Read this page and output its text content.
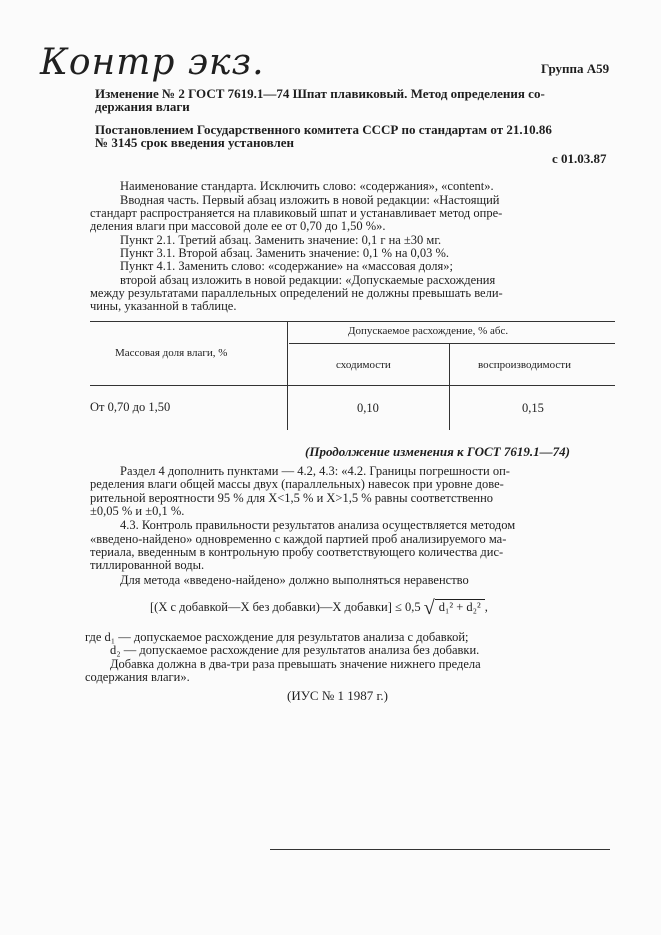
Контр экз.	Группа А59
Изменение № 2 ГОСТ 7619.1—74 Шпат плавиковый. Метод определения со-
держания влаги
Постановлением Государственного комитета СССР по стандартам от 21.10.86
№ 3145 срок введения установлен
с 01.03.87
Наименование стандарта. Исключить слово: «содержания», «content».
Вводная часть. Первый абзац изложить в новой редакции: «Настоящий
стандарт распространяется на плавиковый шпат и устанавливает метод опре-
деления влаги при массовой доле ее от 0,70 до 1,50 %».
Пункт 2.1. Третий абзац. Заменить значение: 0,1 г на ±30 мг.
Пункт 3.1. Второй абзац. Заменить значение: 0,1 % на 0,03 %.
Пункт 4.1. Заменить слово: «содержание» на «массовая доля»;
второй абзац изложить в новой редакции: «Допускаемые расхождения
между результатами параллельных определений не должны превышать вели-
чины, указанной в таблице.
Массовая доля влаги, %
Допускаемое расхождение, % абс.
сходимости	воспроизводимости
От 0,70 до 1,50	0,10	0,15
(Продолжение изменения к ГОСТ 7619.1—74)
Раздел 4 дополнить пунктами — 4.2, 4.3: «4.2. Границы погрешности оп-
ределения влаги общей массы двух (параллельных) навесок при уровне дове-
рительной вероятности 95 % для X<1,5 % и X>1,5 % равны соответственно
±0,05 % и ±0,1 %.
4.3. Контроль правильности результатов анализа осуществляется методом
«введено-найдено» одновременно с каждой партией проб анализируемого ма-
териала, введенным в контрольную пробу соответствующего количества дис-
тиллированной воды.
Для метода «введено-найдено» должно выполняться неравенство
[(X с добавкой—X без добавки)—X добавки] ≤ 0,5 √ d₁² + d₂² ,
где d₁ — допускаемое расхождение для результатов анализа с добавкой;
d₂ — допускаемое расхождение для результатов анализа без добавки.
Добавка должна в два-три раза превышать значение нижнего предела
содержания влаги».
(ИУС № 1 1987 г.)
